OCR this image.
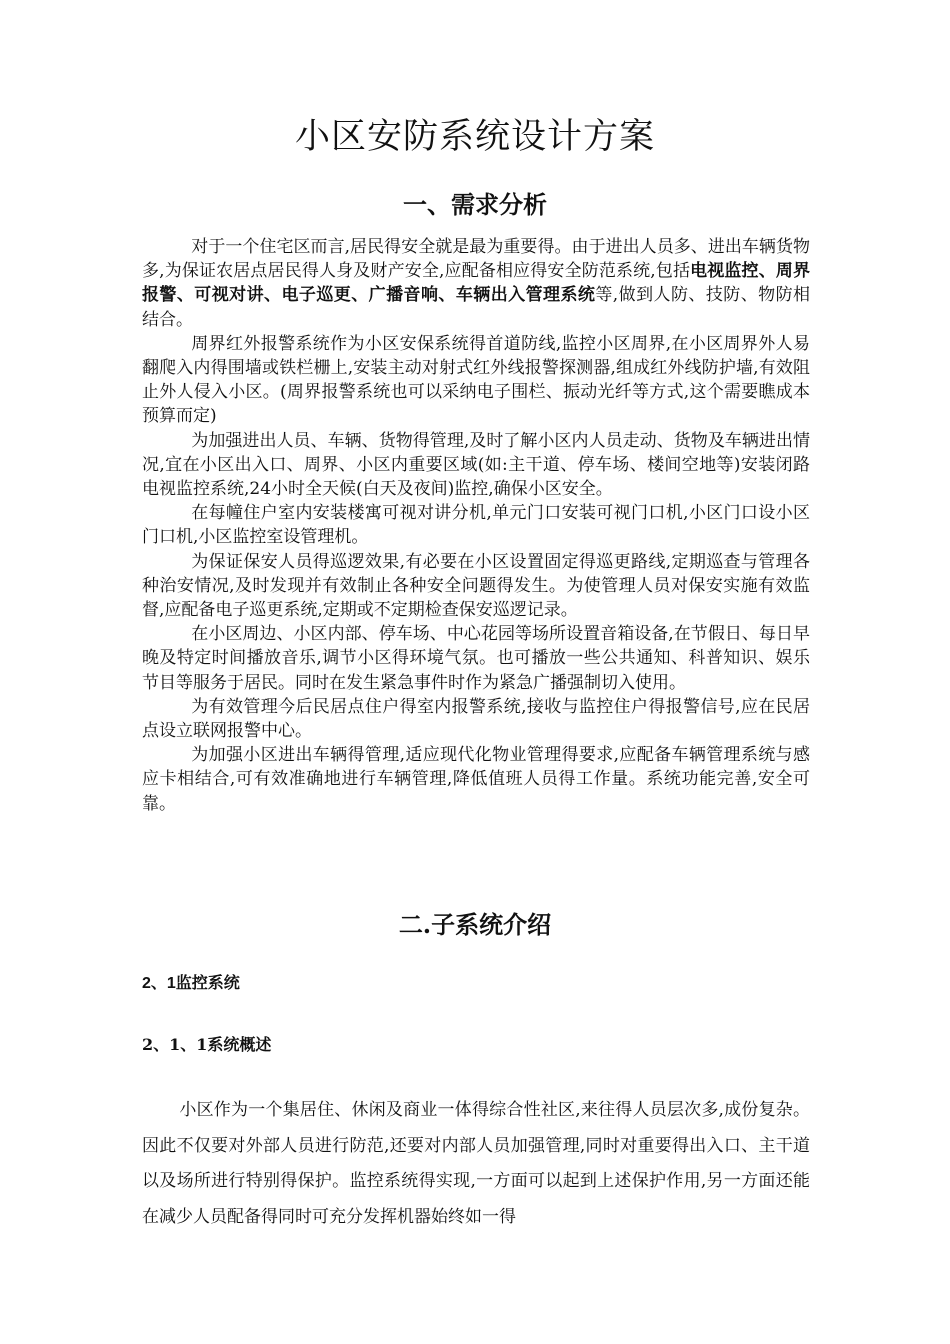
小区安防系统设计方案
一、需求分析

对于一个住宅区而言,居民得安全就是最为重要得。由于进出人员多、进出车辆货物多,为保证农居点居民得人身及财产安全,应配备相应得安全防范系统,包括电视监控、周界报警、可视对讲、电子巡更、广播音响、车辆出入管理系统等,做到人防、技防、物防相结合。

周界红外报警系统作为小区安保系统得首道防线,监控小区周界,在小区周界外人易翻爬入内得围墙或铁栏栅上,安装主动对射式红外线报警探测器,组成红外线防护墙,有效阻止外人侵入小区。(周界报警系统也可以采纳电子围栏、振动光纤等方式,这个需要瞧成本预算而定)

为加强进出人员、车辆、货物得管理,及时了解小区内人员走动、货物及车辆进出情况,宜在小区出入口、周界、小区内重要区域(如:主干道、停车场、楼间空地等)安装闭路电视监控系统,24小时全天候(白天及夜间)监控,确保小区安全。

在每幢住户室内安装楼寓可视对讲分机,单元门口安装可视门口机,小区门口设小区门口机,小区监控室设管理机。

为保证保安人员得巡逻效果,有必要在小区设置固定得巡更路线,定期巡查与管理各种治安情况,及时发现并有效制止各种安全问题得发生。为使管理人员对保安实施有效监督,应配备电子巡更系统,定期或不定期检查保安巡逻记录。

在小区周边、小区内部、停车场、中心花园等场所设置音箱设备,在节假日、每日早晚及特定时间播放音乐,调节小区得环境气氛。也可播放一些公共通知、科普知识、娱乐节目等服务于居民。同时在发生紧急事件时作为紧急广播强制切入使用。

为有效管理今后民居点住户得室内报警系统,接收与监控住户得报警信号,应在民居点设立联网报警中心。

为加强小区进出车辆得管理,适应现代化物业管理得要求,应配备车辆管理系统与感应卡相结合,可有效准确地进行车辆管理,降低值班人员得工作量。系统功能完善,安全可靠。

二.子系统介绍
2、1监控系统
2、1、1系统概述

小区作为一个集居住、休闲及商业一体得综合性社区,来往得人员层次多,成份复杂。因此不仅要对外部人员进行防范,还要对内部人员加强管理,同时对重要得出入口、主干道以及场所进行特别得保护。监控系统得实现,一方面可以起到上述保护作用,另一方面还能在减少人员配备得同时可充分发挥机器始终如一得
